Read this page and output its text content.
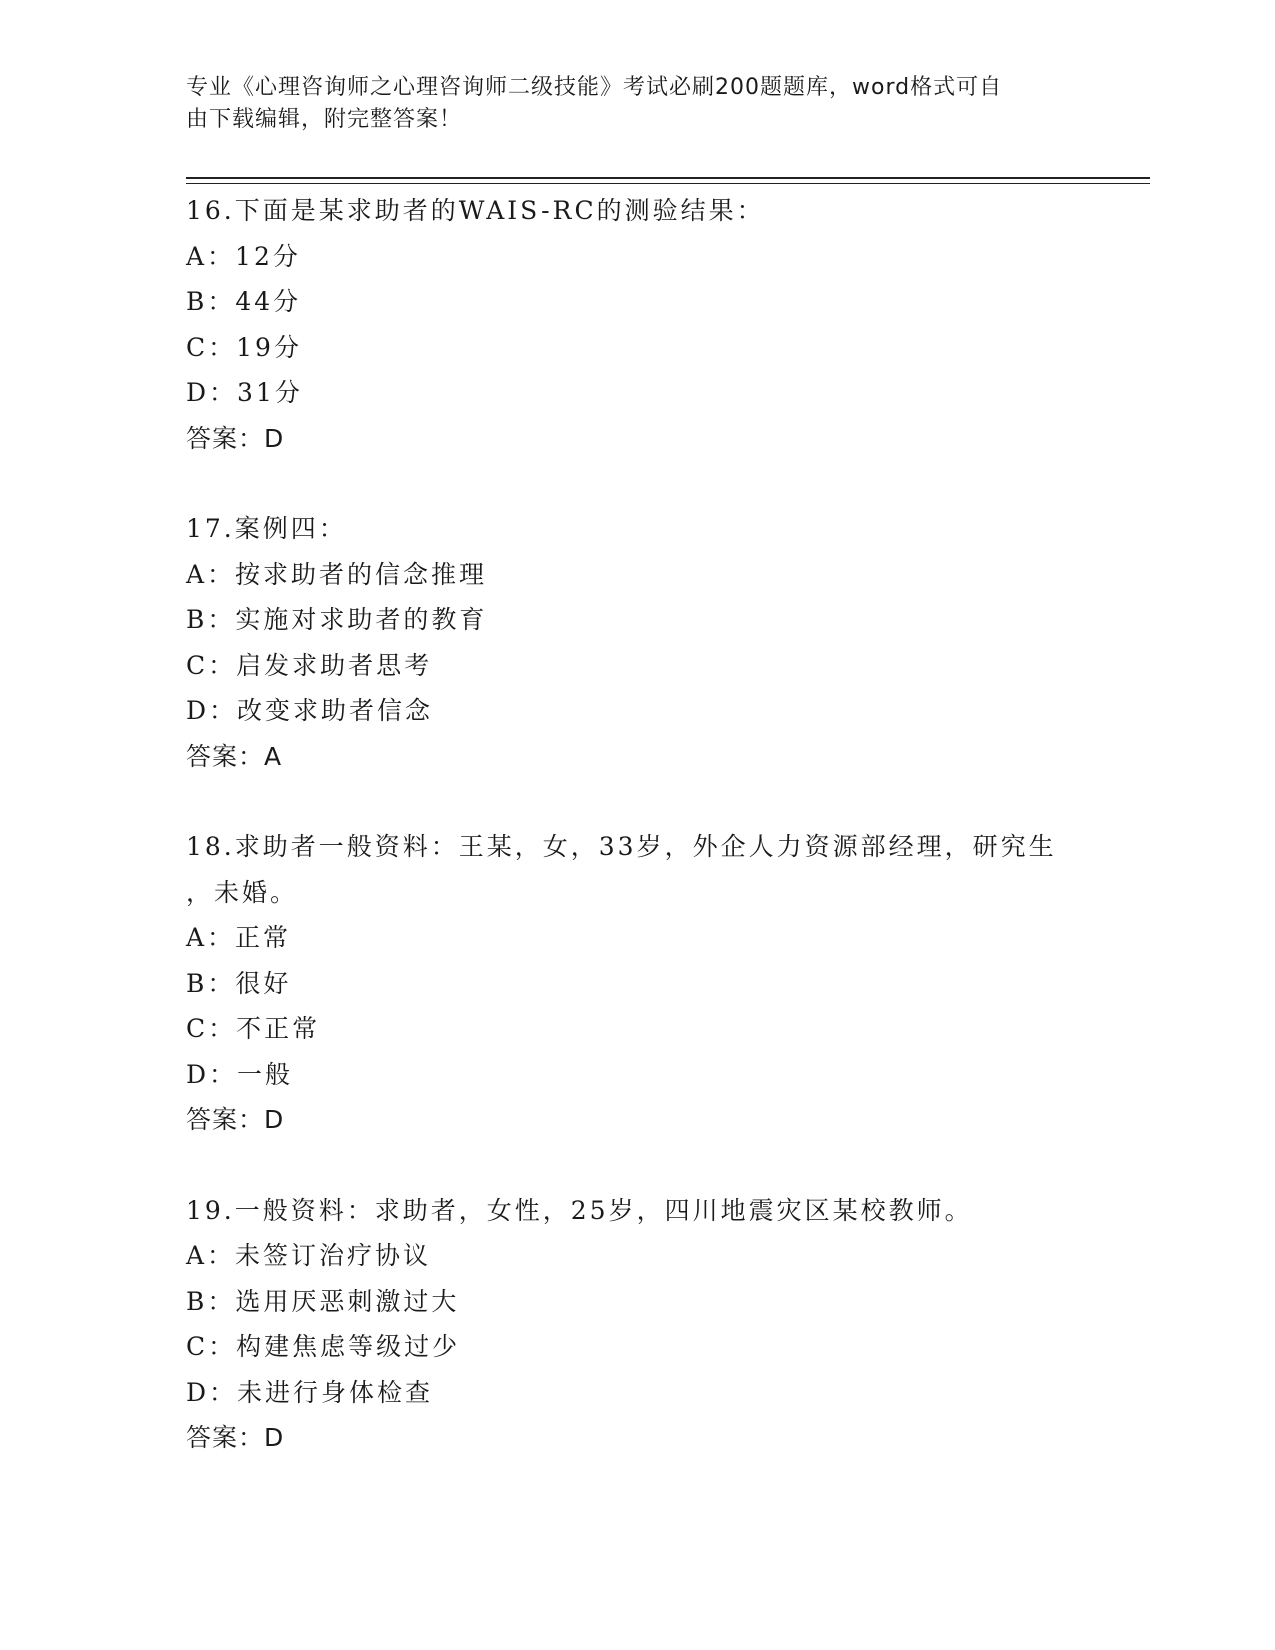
专业《心理咨询师之心理咨询师二级技能》考试必刷200题题库，word格式可自
由下载编辑，附完整答案！
16.下面是某求助者的WAIS-RC的测验结果：
A：12分
B：44分
C：19分
D：31分
答案：D
17.案例四：
A：按求助者的信念推理
B：实施对求助者的教育
C：启发求助者思考
D：改变求助者信念
答案：A
18.求助者一般资料：王某，女，33岁，外企人力资源部经理，研究生
，未婚。
A：正常
B：很好
C：不正常
D：一般
答案：D
19.一般资料：求助者，女性，25岁，四川地震灾区某校教师。
A：未签订治疗协议
B：选用厌恶刺激过大
C：构建焦虑等级过少
D：未进行身体检查
答案：D
